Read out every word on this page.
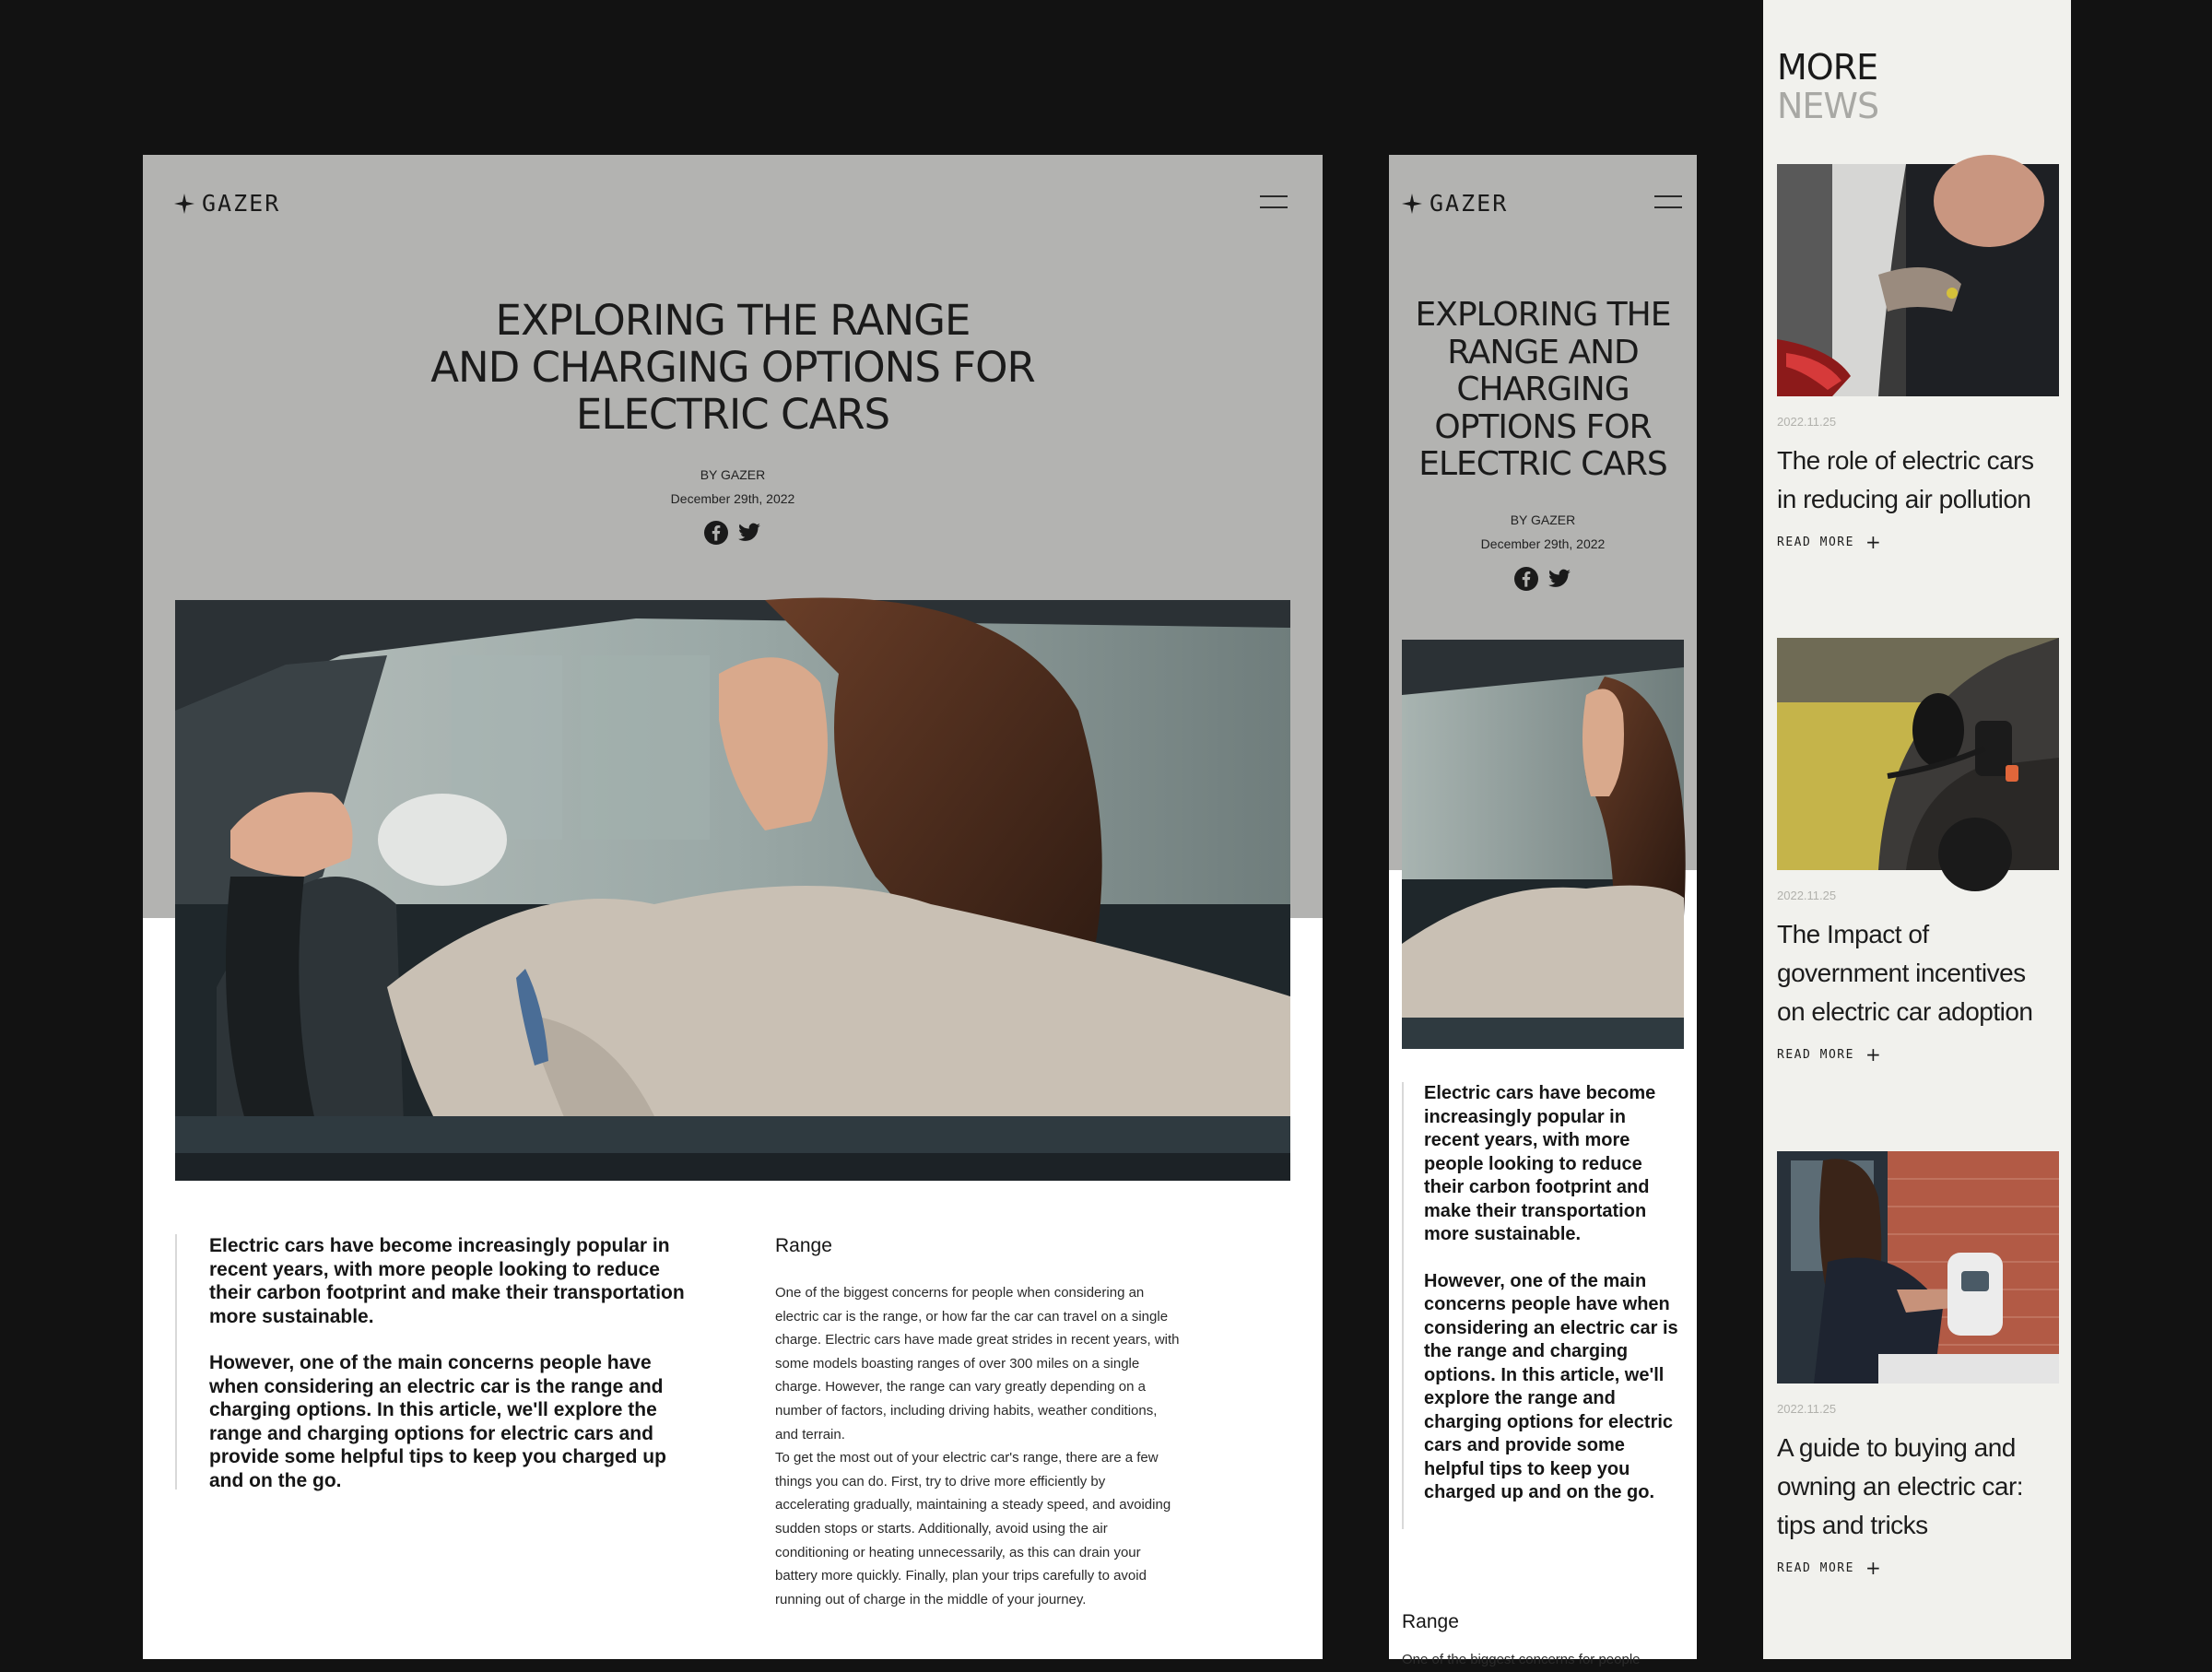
GAZER
EXPLORING THE RANGE
AND CHARGING OPTIONS FOR
ELECTRIC CARS
BY GAZER
December 29th, 2022

Electric cars have become increasingly popular in recent years, with more people looking to reduce their carbon footprint and make their transportation more sustainable.

However, one of the main concerns people have when considering an electric car is the range and charging options. In this article, we'll explore the range and charging options for electric cars and provide some helpful tips to keep you charged up and on the go.

Range
One of the biggest concerns for people when considering an electric car is the range, or how far the car can travel on a single charge. Electric cars have made great strides in recent years, with some models boasting ranges of over 300 miles on a single charge. However, the range can vary greatly depending on a number of factors, including driving habits, weather conditions, and terrain.
To get the most out of your electric car's range, there are a few things you can do. First, try to drive more efficiently by accelerating gradually, maintaining a steady speed, and avoiding sudden stops or starts. Additionally, avoid using the air conditioning or heating unnecessarily, as this can drain your battery more quickly. Finally, plan your trips carefully to avoid running out of charge in the middle of your journey.
GAZER
EXPLORING THE
RANGE AND
CHARGING
OPTIONS FOR
ELECTRIC CARS
BY GAZER
December 29th, 2022

Electric cars have become increasingly popular in recent years, with more people looking to reduce their carbon footprint and make their transportation more sustainable.

However, one of the main concerns people have when considering an electric car is the range and charging options. In this article, we'll explore the range and charging options for electric cars and provide some helpful tips to keep you charged up and on the go.

Range
One of the biggest concerns for people
MORE
NEWS
2022.11.25
The role of electric cars in reducing air pollution
READ MORE +
2022.11.25
The Impact of government incentives on electric car adoption
READ MORE +
2022.11.25
A guide to buying and owning an electric car: tips and tricks
READ MORE +
